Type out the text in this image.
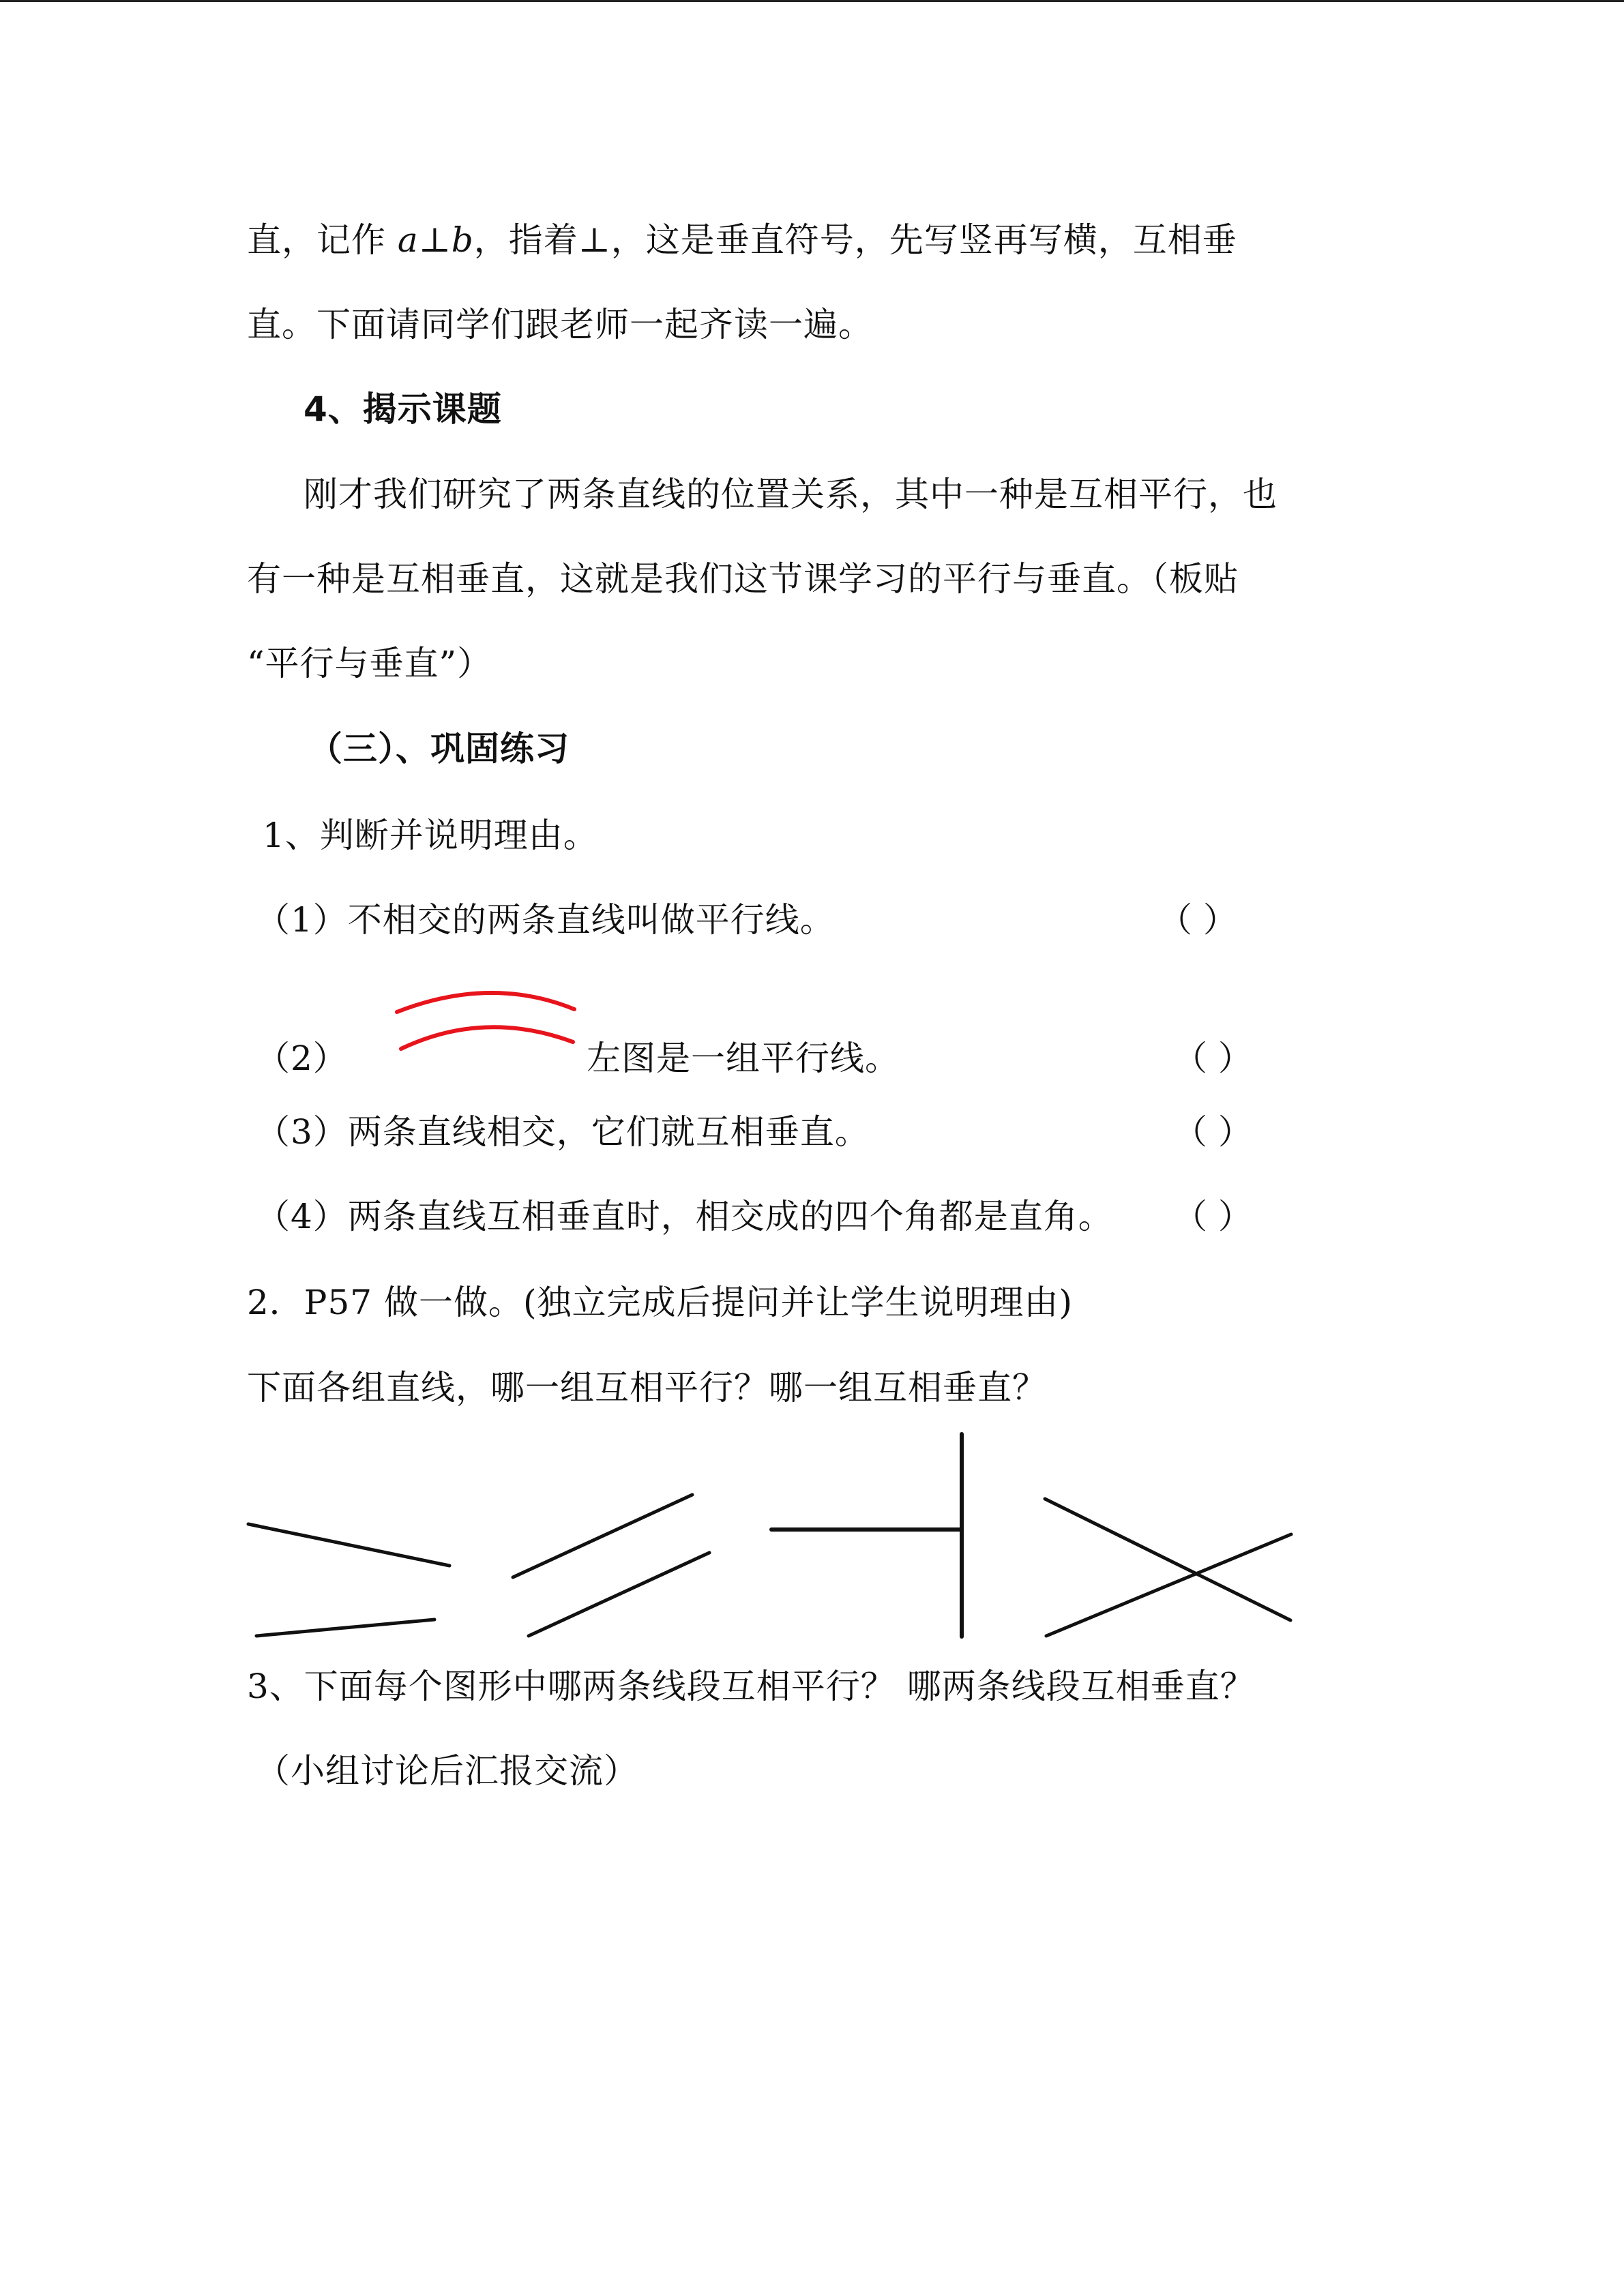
直，记作 a⊥b，指着⊥，这是垂直符号，先写竖再写横，互相垂
直。下面请同学们跟老师一起齐读一遍。
4、揭示课题
刚才我们研究了两条直线的位置关系，其中一种是互相平行，也
有一种是互相垂直，这就是我们这节课学习的平行与垂直。（板贴
“平行与垂直”）
（三）、巩固练习
1、判断并说明理由。
（1）不相交的两条直线叫做平行线。	（ ）
（2）	左图是一组平行线。	（ ）
（3）两条直线相交，它们就互相垂直。	（ ）
（4）两条直线互相垂直时，相交成的四个角都是直角。 （ ）
2．P57 做一做。(独立完成后提问并让学生说明理由)
下面各组直线，哪一组互相平行？哪一组互相垂直？
3、下面每个图形中哪两条线段互相平行？ 哪两条线段互相垂直？
（小组讨论后汇报交流）
